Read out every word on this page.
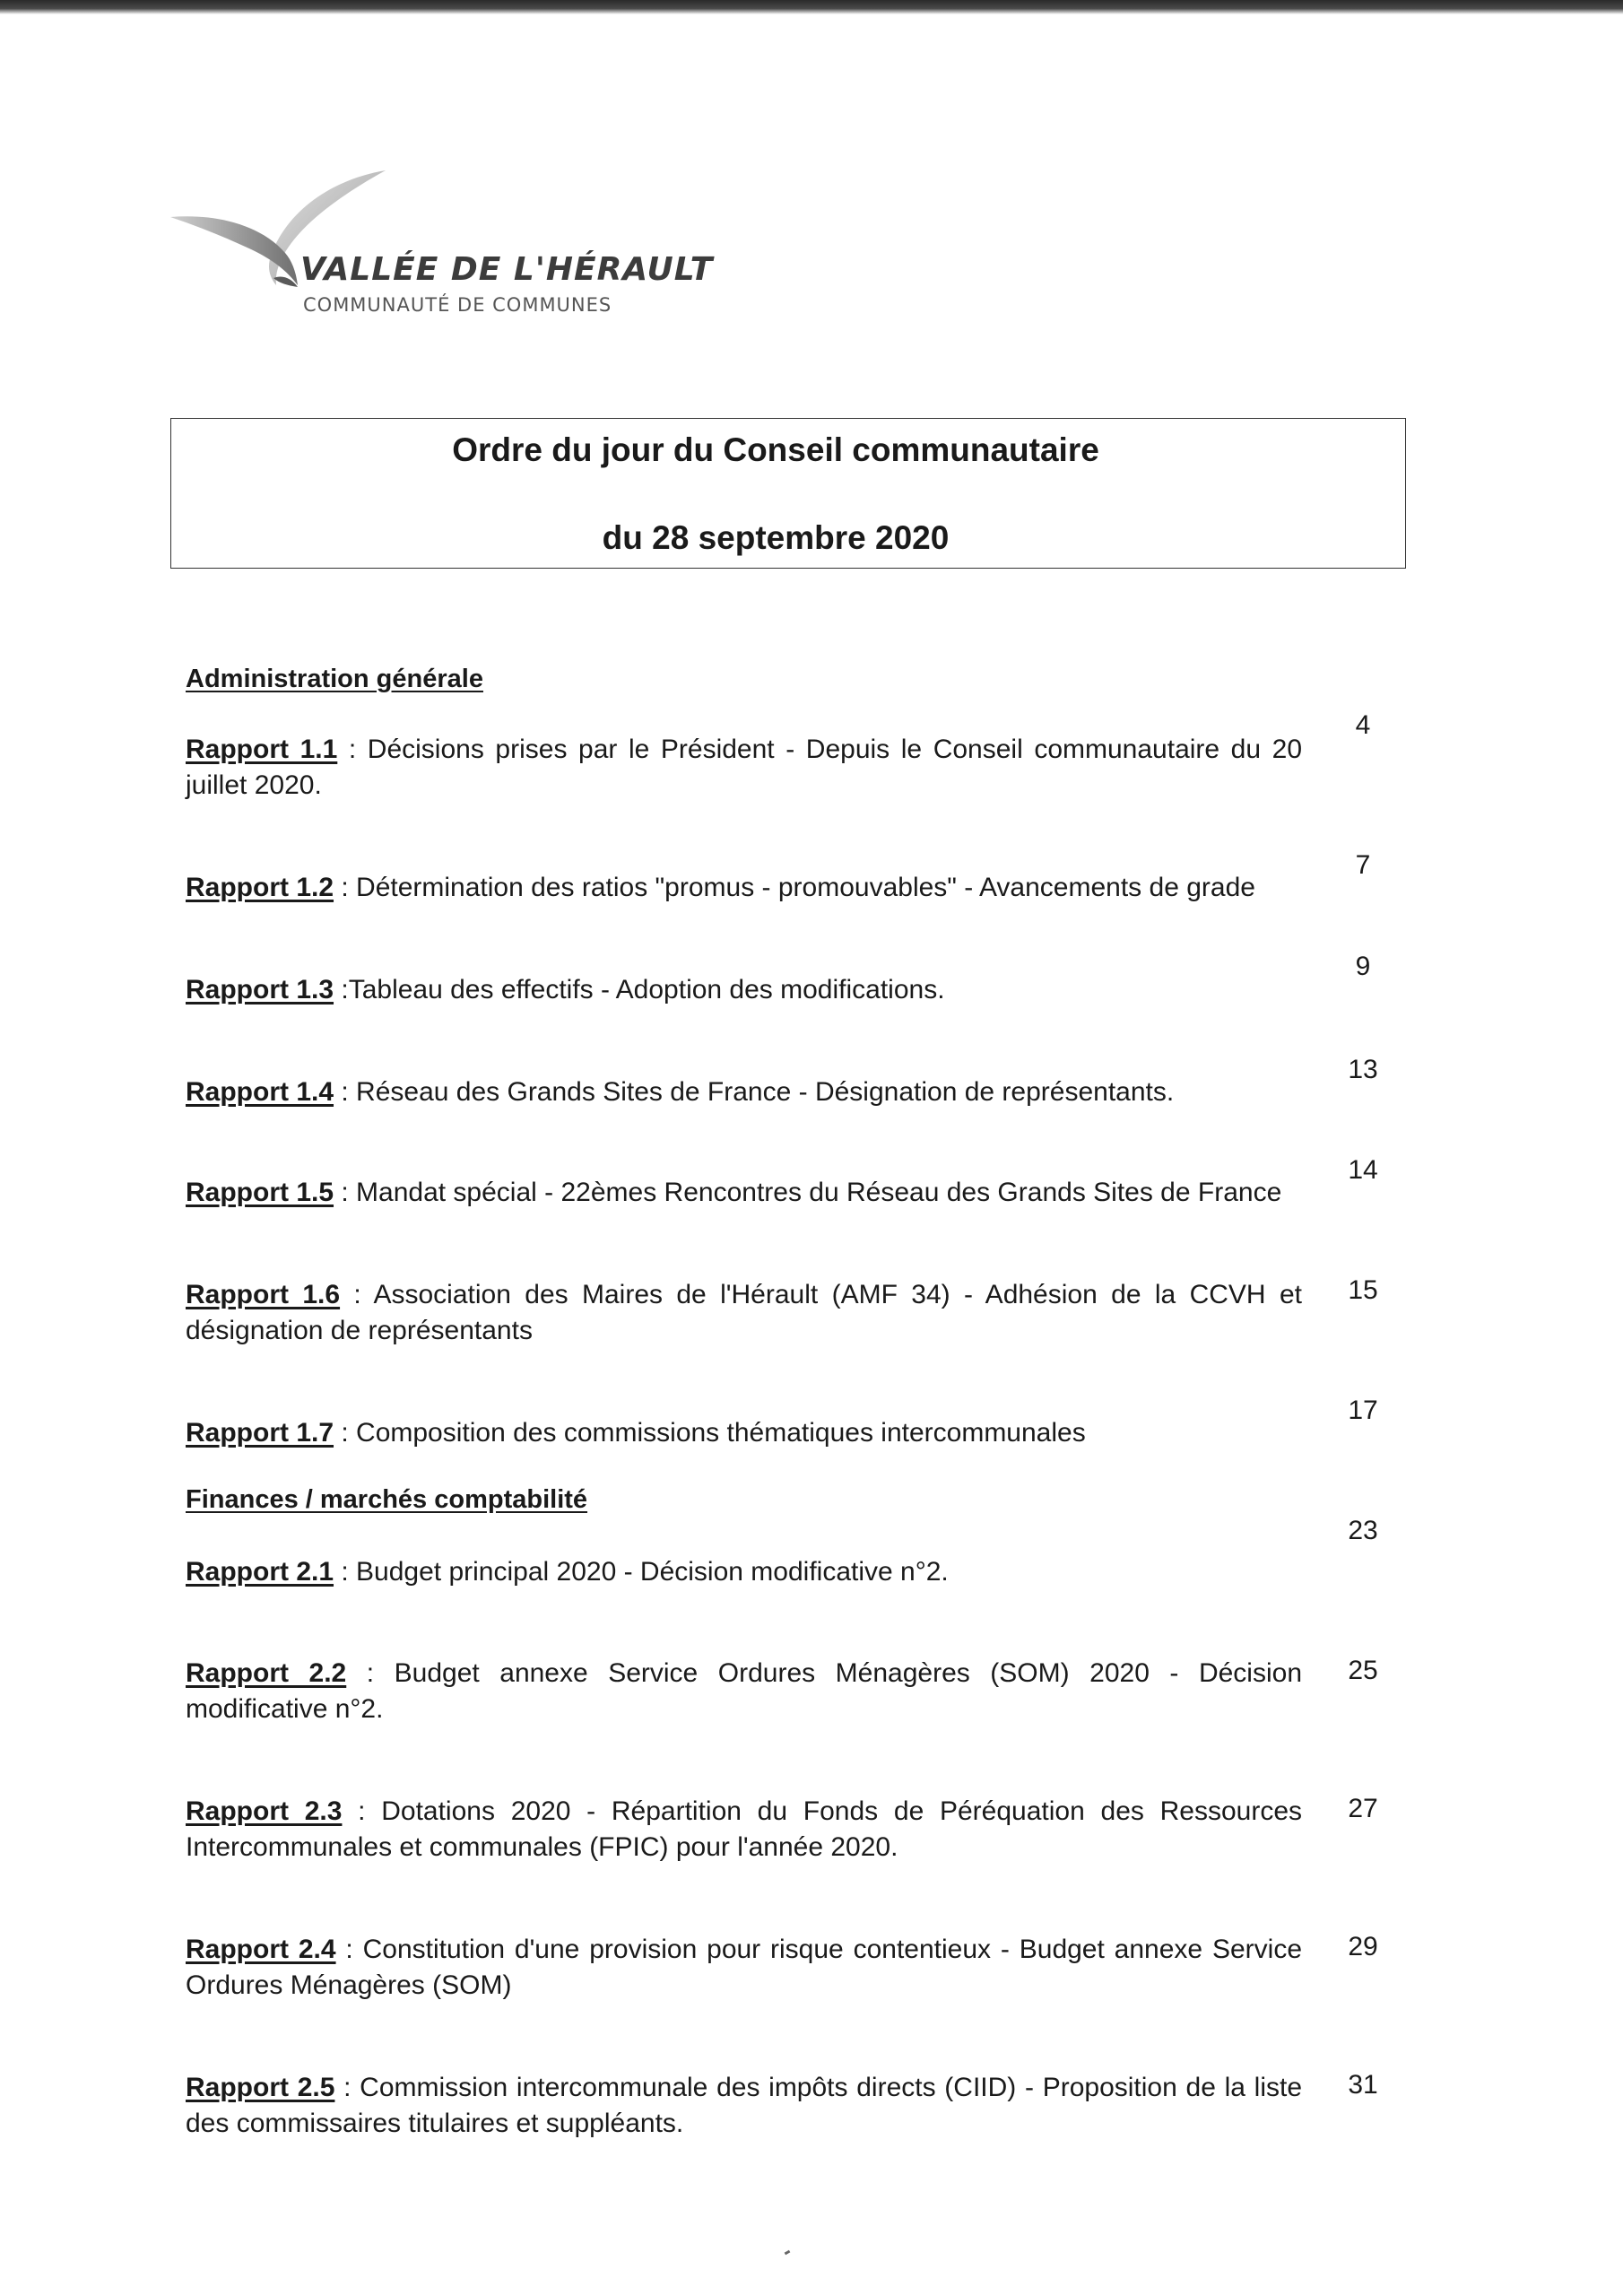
VALLÉE DE L'HÉRAULT
COMMUNAUTÉ DE COMMUNES
Ordre du jour du Conseil communautaire
du 28 septembre 2020
Administration générale
Rapport 1.1 : Décisions prises par le Président - Depuis le Conseil communautaire du 20 juillet 2020.
4
Rapport 1.2 : Détermination des ratios "promus - promouvables" - Avancements de grade
7
Rapport 1.3 :Tableau des effectifs - Adoption des modifications.
9
Rapport 1.4 : Réseau des Grands Sites de France - Désignation de représentants.
13
Rapport 1.5 : Mandat spécial - 22èmes Rencontres du Réseau des Grands Sites de France
14
Rapport 1.6 : Association des Maires de l'Hérault (AMF 34) - Adhésion de la CCVH et désignation de représentants
15
Rapport 1.7 : Composition des commissions thématiques intercommunales
17
Finances / marchés comptabilité
Rapport 2.1 : Budget principal 2020 - Décision modificative n°2.
23
Rapport 2.2 : Budget annexe Service Ordures Ménagères (SOM) 2020 - Décision modificative n°2.
25
Rapport 2.3 : Dotations 2020 - Répartition du Fonds de Péréquation des Ressources Intercommunales et communales (FPIC) pour l'année 2020.
27
Rapport 2.4 : Constitution d'une provision pour risque contentieux - Budget annexe Service Ordures Ménagères (SOM)
29
Rapport 2.5 : Commission intercommunale des impôts directs (CIID) - Proposition de la liste des commissaires titulaires et suppléants.
31
